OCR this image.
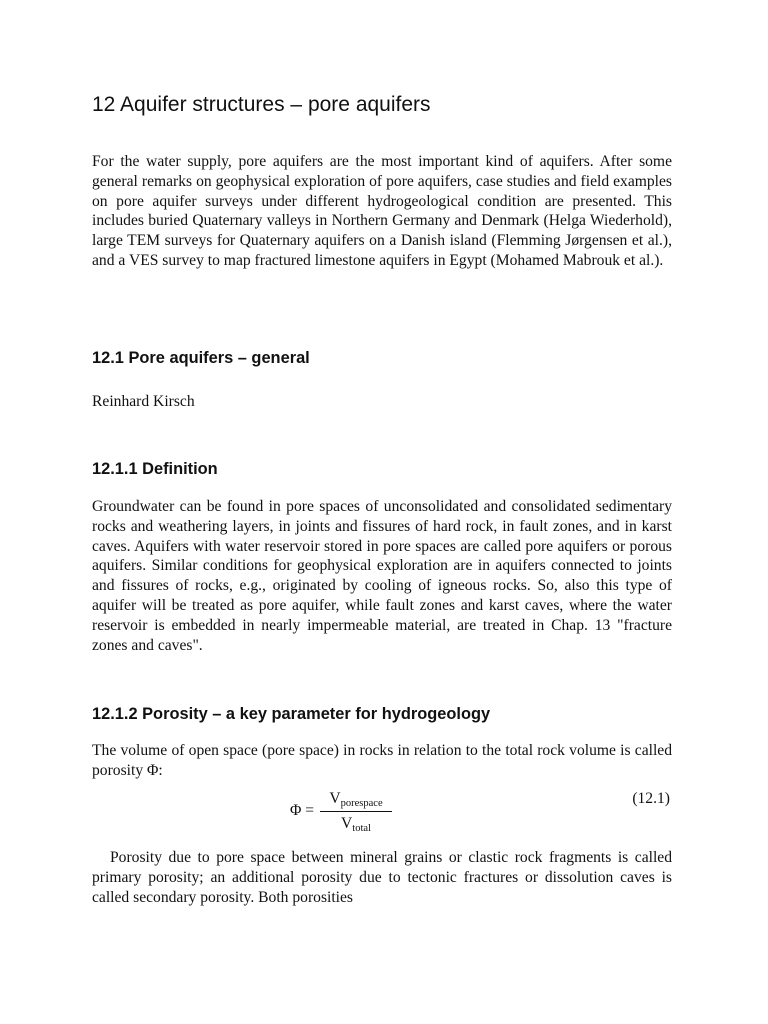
12 Aquifer structures – pore aquifers

For the water supply, pore aquifers are the most important kind of aquifers. After some general remarks on geophysical exploration of pore aquifers, case studies and field examples on pore aquifer surveys under different hydrogeological condition are presented. This includes buried Quaternary valleys in Northern Germany and Denmark (Helga Wiederhold), large TEM surveys for Quaternary aquifers on a Danish island (Flemming Jørgensen et al.), and a VES survey to map fractured limestone aquifers in Egypt (Mohamed Mabrouk et al.).

12.1 Pore aquifers – general
Reinhard Kirsch
12.1.1 Definition

Groundwater can be found in pore spaces of unconsolidated and consolidated sedimentary rocks and weathering layers, in joints and fissures of hard rock, in fault zones, and in karst caves. Aquifers with water reservoir stored in pore spaces are called pore aquifers or porous aquifers. Similar conditions for geophysical exploration are in aquifers connected to joints and fissures of rocks, e.g., originated by cooling of igneous rocks. So, also this type of aquifer will be treated as pore aquifer, while fault zones and karst caves, where the water reservoir is embedded in nearly impermeable material, are treated in Chap. 13 "fracture zones and caves".

12.1.2 Porosity – a key parameter for hydrogeology

The volume of open space (pore space) in rocks in relation to the total rock volume is called porosity Φ:

Φ =
$V_{porespace}$
$V_{total}$
(12.1)

Porosity due to pore space between mineral grains or clastic rock fragments is called primary porosity; an additional porosity due to tectonic fractures or dissolution caves is called secondary porosity. Both porosities
